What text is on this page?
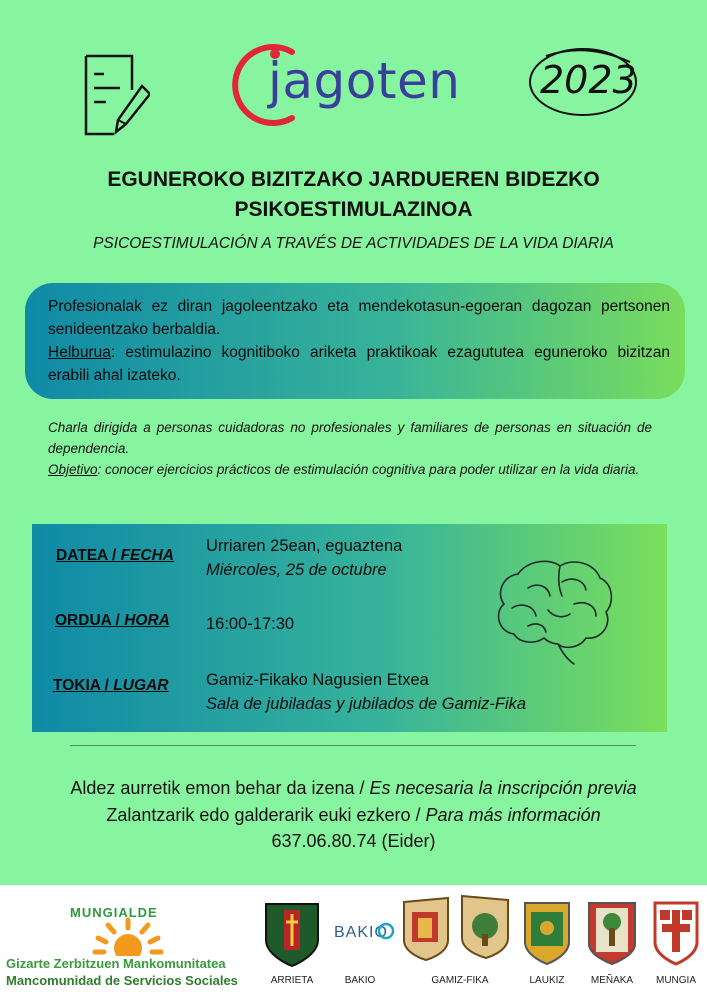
jagoten 2023
EGUNEROKO BIZITZAKO JARDUEREN BIDEZKO PSIKOESTIMULAZINOA
PSICOESTIMULACIÓN A TRAVÉS DE ACTIVIDADES DE LA VIDA DIARIA
Profesionalak ez diran jagoleentzako eta mendekotasun-egoeran dagozan pertsonen senideentzako berbaldia.
Helburua: estimulazino kognitiboko ariketa praktikoak ezagututea eguneroko bizitzan erabili ahal izateko.
Charla dirigida a personas cuidadoras no profesionales y familiares de personas en situación de dependencia.
Objetivo: conocer ejercicios prácticos de estimulación cognitiva para poder utilizar en la vida diaria.
DATEA / FECHA
Urriaren 25ean, eguaztena
Miércoles, 25 de octubre
ORDUA / HORA 16:00-17:30
TOKIA / LUGAR Gamiz-Fikako Nagusien Etxea
Sala de jubiladas y jubilados de Gamiz-Fika
Aldez aurretik emon behar da izena / Es necesaria la inscripción previa
Zalantzarik edo galderarik euki ezkero / Para más información
637.06.80.74 (Eider)
MUNGIALDE
Gizarte Zerbitzuen Mankomunitatea
Mancomunidad de Servicios Sociales
BAKIO
ARRIETA	BAKIO	GAMIZ-FIKA	LAUKIZ	MEÑAKA	MUNGIA
